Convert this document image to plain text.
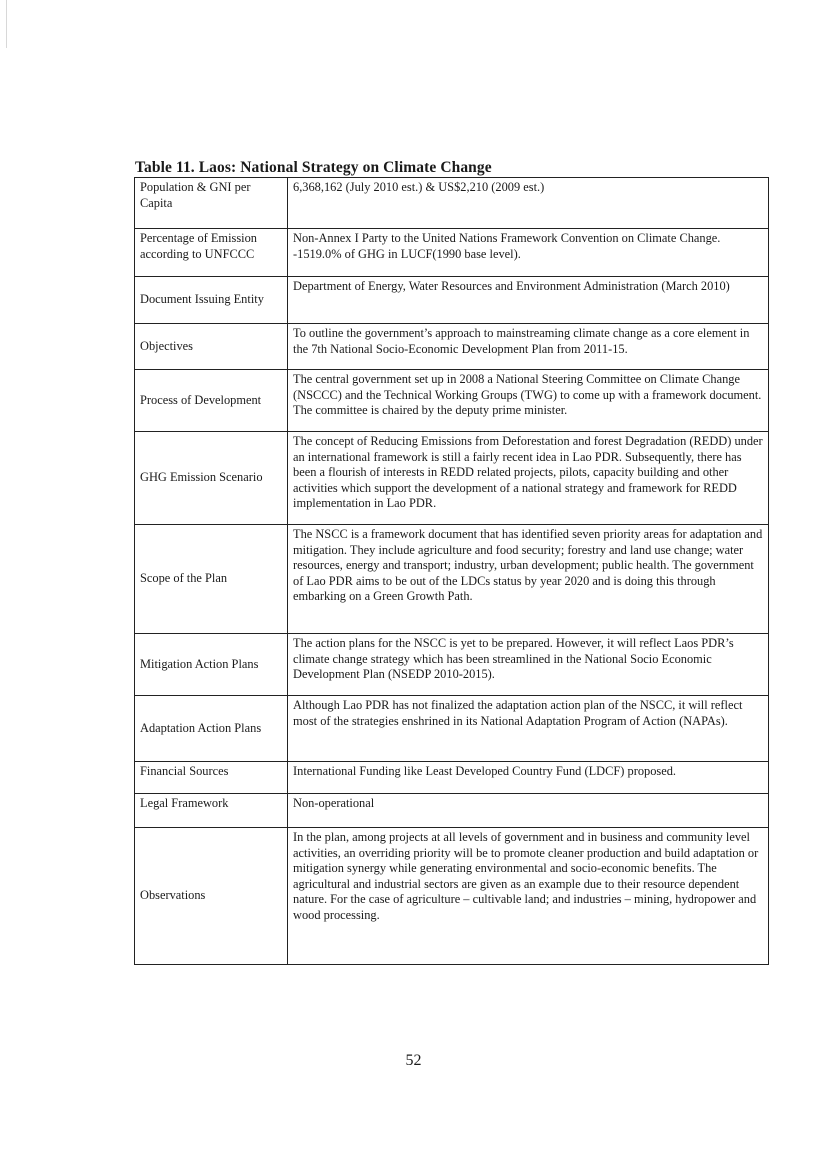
Table 11. Laos: National Strategy on Climate Change
Population & GNI per Capita	6,368,162 (July 2010 est.) & US$2,210 (2009 est.)
Percentage of Emission according to UNFCCC	Non-Annex I Party to the United Nations Framework Convention on Climate Change. -1519.0% of GHG in LUCF(1990 base level).
Document Issuing Entity	Department of Energy, Water Resources and Environment Administration (March 2010)
Objectives	To outline the government’s approach to mainstreaming climate change as a core element in the 7th National Socio-Economic Development Plan from 2011-15.
Process of Development	The central government set up in 2008 a National Steering Committee on Climate Change (NSCCC) and the Technical Working Groups (TWG) to come up with a framework document. The committee is chaired by the deputy prime minister.
GHG Emission Scenario	The concept of Reducing Emissions from Deforestation and forest Degradation (REDD) under an international framework is still a fairly recent idea in Lao PDR. Subsequently, there has been a flourish of interests in REDD related projects, pilots, capacity building and other activities which support the development of a national strategy and framework for REDD implementation in Lao PDR.
Scope of the Plan	The NSCC is a framework document that has identified seven priority areas for adaptation and mitigation. They include agriculture and food security; forestry and land use change; water resources, energy and transport; industry, urban development; public health. The government of Lao PDR aims to be out of the LDCs status by year 2020 and is doing this through embarking on a Green Growth Path.
Mitigation Action Plans	The action plans for the NSCC is yet to be prepared. However, it will reflect Laos PDR’s climate change strategy which has been streamlined in the National Socio Economic Development Plan (NSEDP 2010-2015).
Adaptation Action Plans	Although Lao PDR has not finalized the adaptation action plan of the NSCC, it will reflect most of the strategies enshrined in its National Adaptation Program of Action (NAPAs).
Financial Sources	International Funding like Least Developed Country Fund (LDCF) proposed.
Legal Framework	Non-operational
Observations	In the plan, among projects at all levels of government and in business and community level activities, an overriding priority will be to promote cleaner production and build adaptation or mitigation synergy while generating environmental and socio-economic benefits. The agricultural and industrial sectors are given as an example due to their resource dependent nature. For the case of agriculture – cultivable land; and industries – mining, hydropower and wood processing.
52
